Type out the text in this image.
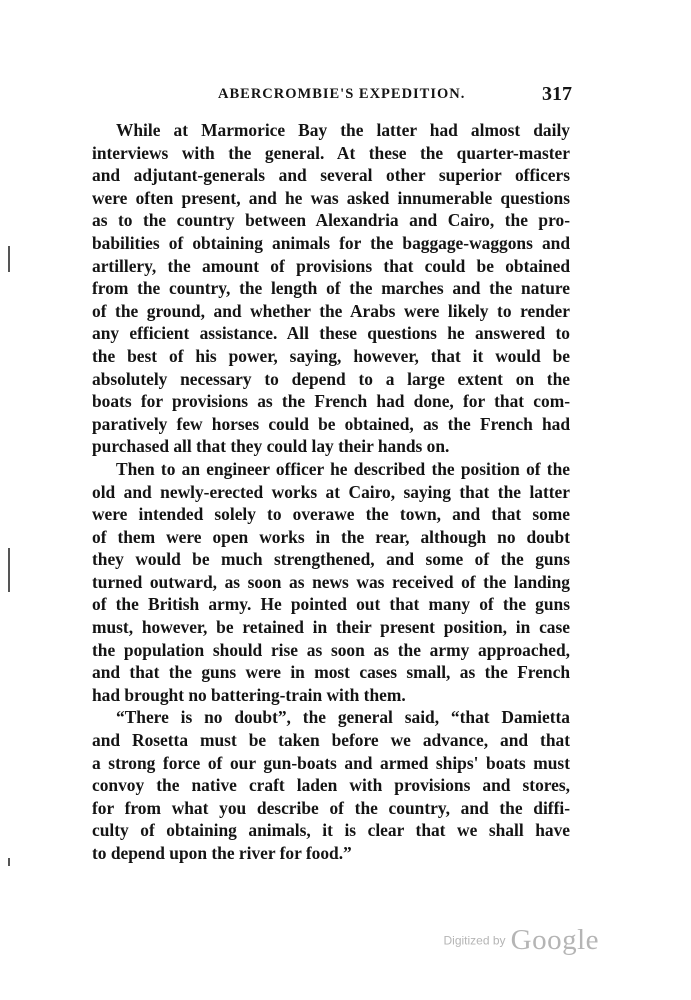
ABERCROMBIE'S EXPEDITION.	317
While at Marmorice Bay the latter had almost daily
interviews with the general. At these the quarter-master
and adjutant-generals and several other superior officers
were often present, and he was asked innumerable questions
as to the country between Alexandria and Cairo, the pro-
babilities of obtaining animals for the baggage-waggons and
artillery, the amount of provisions that could be obtained
from the country, the length of the marches and the nature
of the ground, and whether the Arabs were likely to render
any efficient assistance. All these questions he answered to
the best of his power, saying, however, that it would be
absolutely necessary to depend to a large extent on the
boats for provisions as the French had done, for that com-
paratively few horses could be obtained, as the French had
purchased all that they could lay their hands on.
Then to an engineer officer he described the position of the
old and newly-erected works at Cairo, saying that the latter
were intended solely to overawe the town, and that some
of them were open works in the rear, although no doubt
they would be much strengthened, and some of the guns
turned outward, as soon as news was received of the landing
of the British army. He pointed out that many of the guns
must, however, be retained in their present position, in case
the population should rise as soon as the army approached,
and that the guns were in most cases small, as the French
had brought no battering-train with them.
“There is no doubt”, the general said, “that Damietta
and Rosetta must be taken before we advance, and that
a strong force of our gun-boats and armed ships' boats must
convoy the native craft laden with provisions and stores,
for from what you describe of the country, and the diffi-
culty of obtaining animals, it is clear that we shall have
to depend upon the river for food.”
Digitized by Google
